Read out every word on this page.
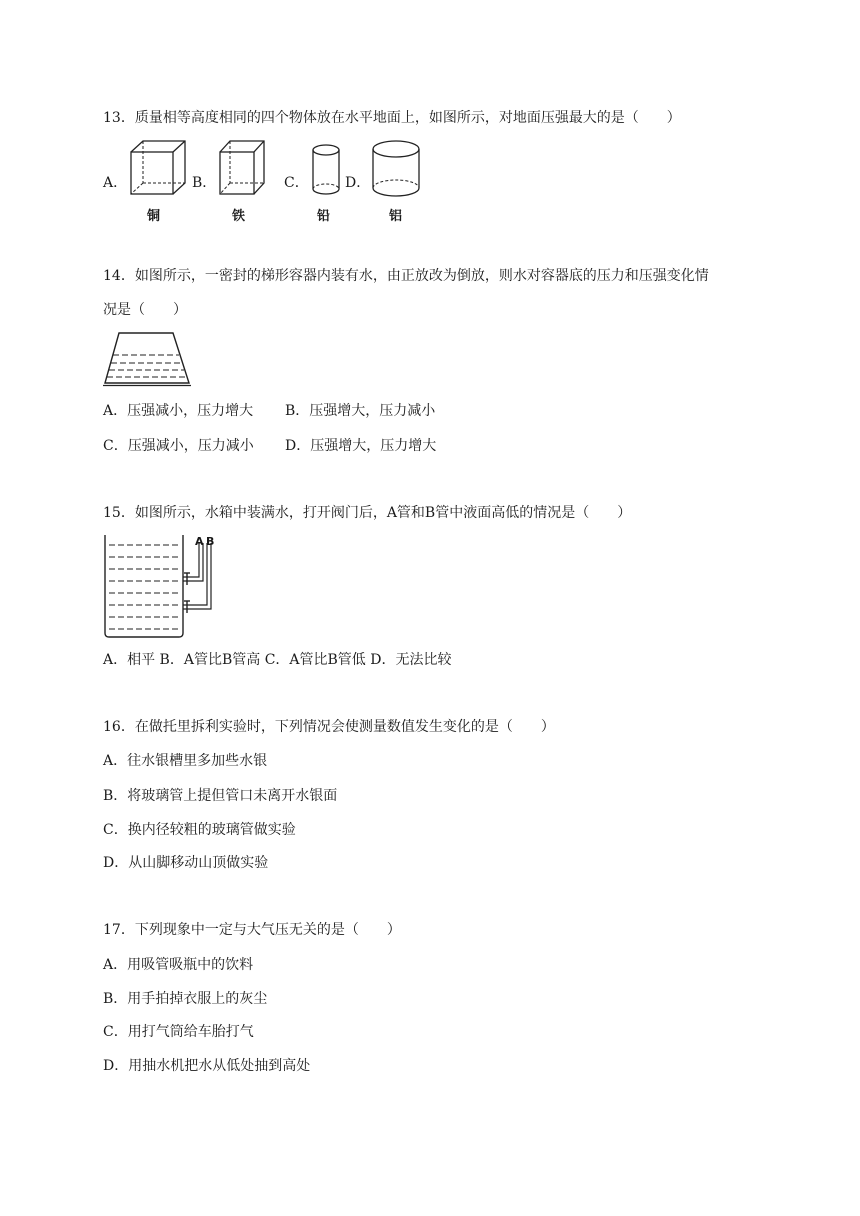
13．质量相等高度相同的四个物体放在水平地面上，如图所示，对地面压强最大的是（　　）
A．	B．	C．	D．
铜	铁	铅	铝
14．如图所示，一密封的梯形容器内装有水，由正放改为倒放，则水对容器底的压力和压强变化情
况是（　　）
A．压强减小，压力增大 B．压强增大，压力减小
C．压强减小，压力减小 D．压强增大，压力增大
15．如图所示，水箱中装满水，打开阀门后，A管和B管中液面高低的情况是（　　）
A B
A．相平 B．A管比B管高 C．A管比B管低 D．无法比较
16．在做托里拆利实验时，下列情况会使测量数值发生变化的是（　　）
A．往水银槽里多加些水银
B．将玻璃管上提但管口未离开水银面
C．换内径较粗的玻璃管做实验
D．从山脚移动山顶做实验
17．下列现象中一定与大气压无关的是（　　）
A．用吸管吸瓶中的饮料
B．用手拍掉衣服上的灰尘
C．用打气筒给车胎打气
D．用抽水机把水从低处抽到高处
